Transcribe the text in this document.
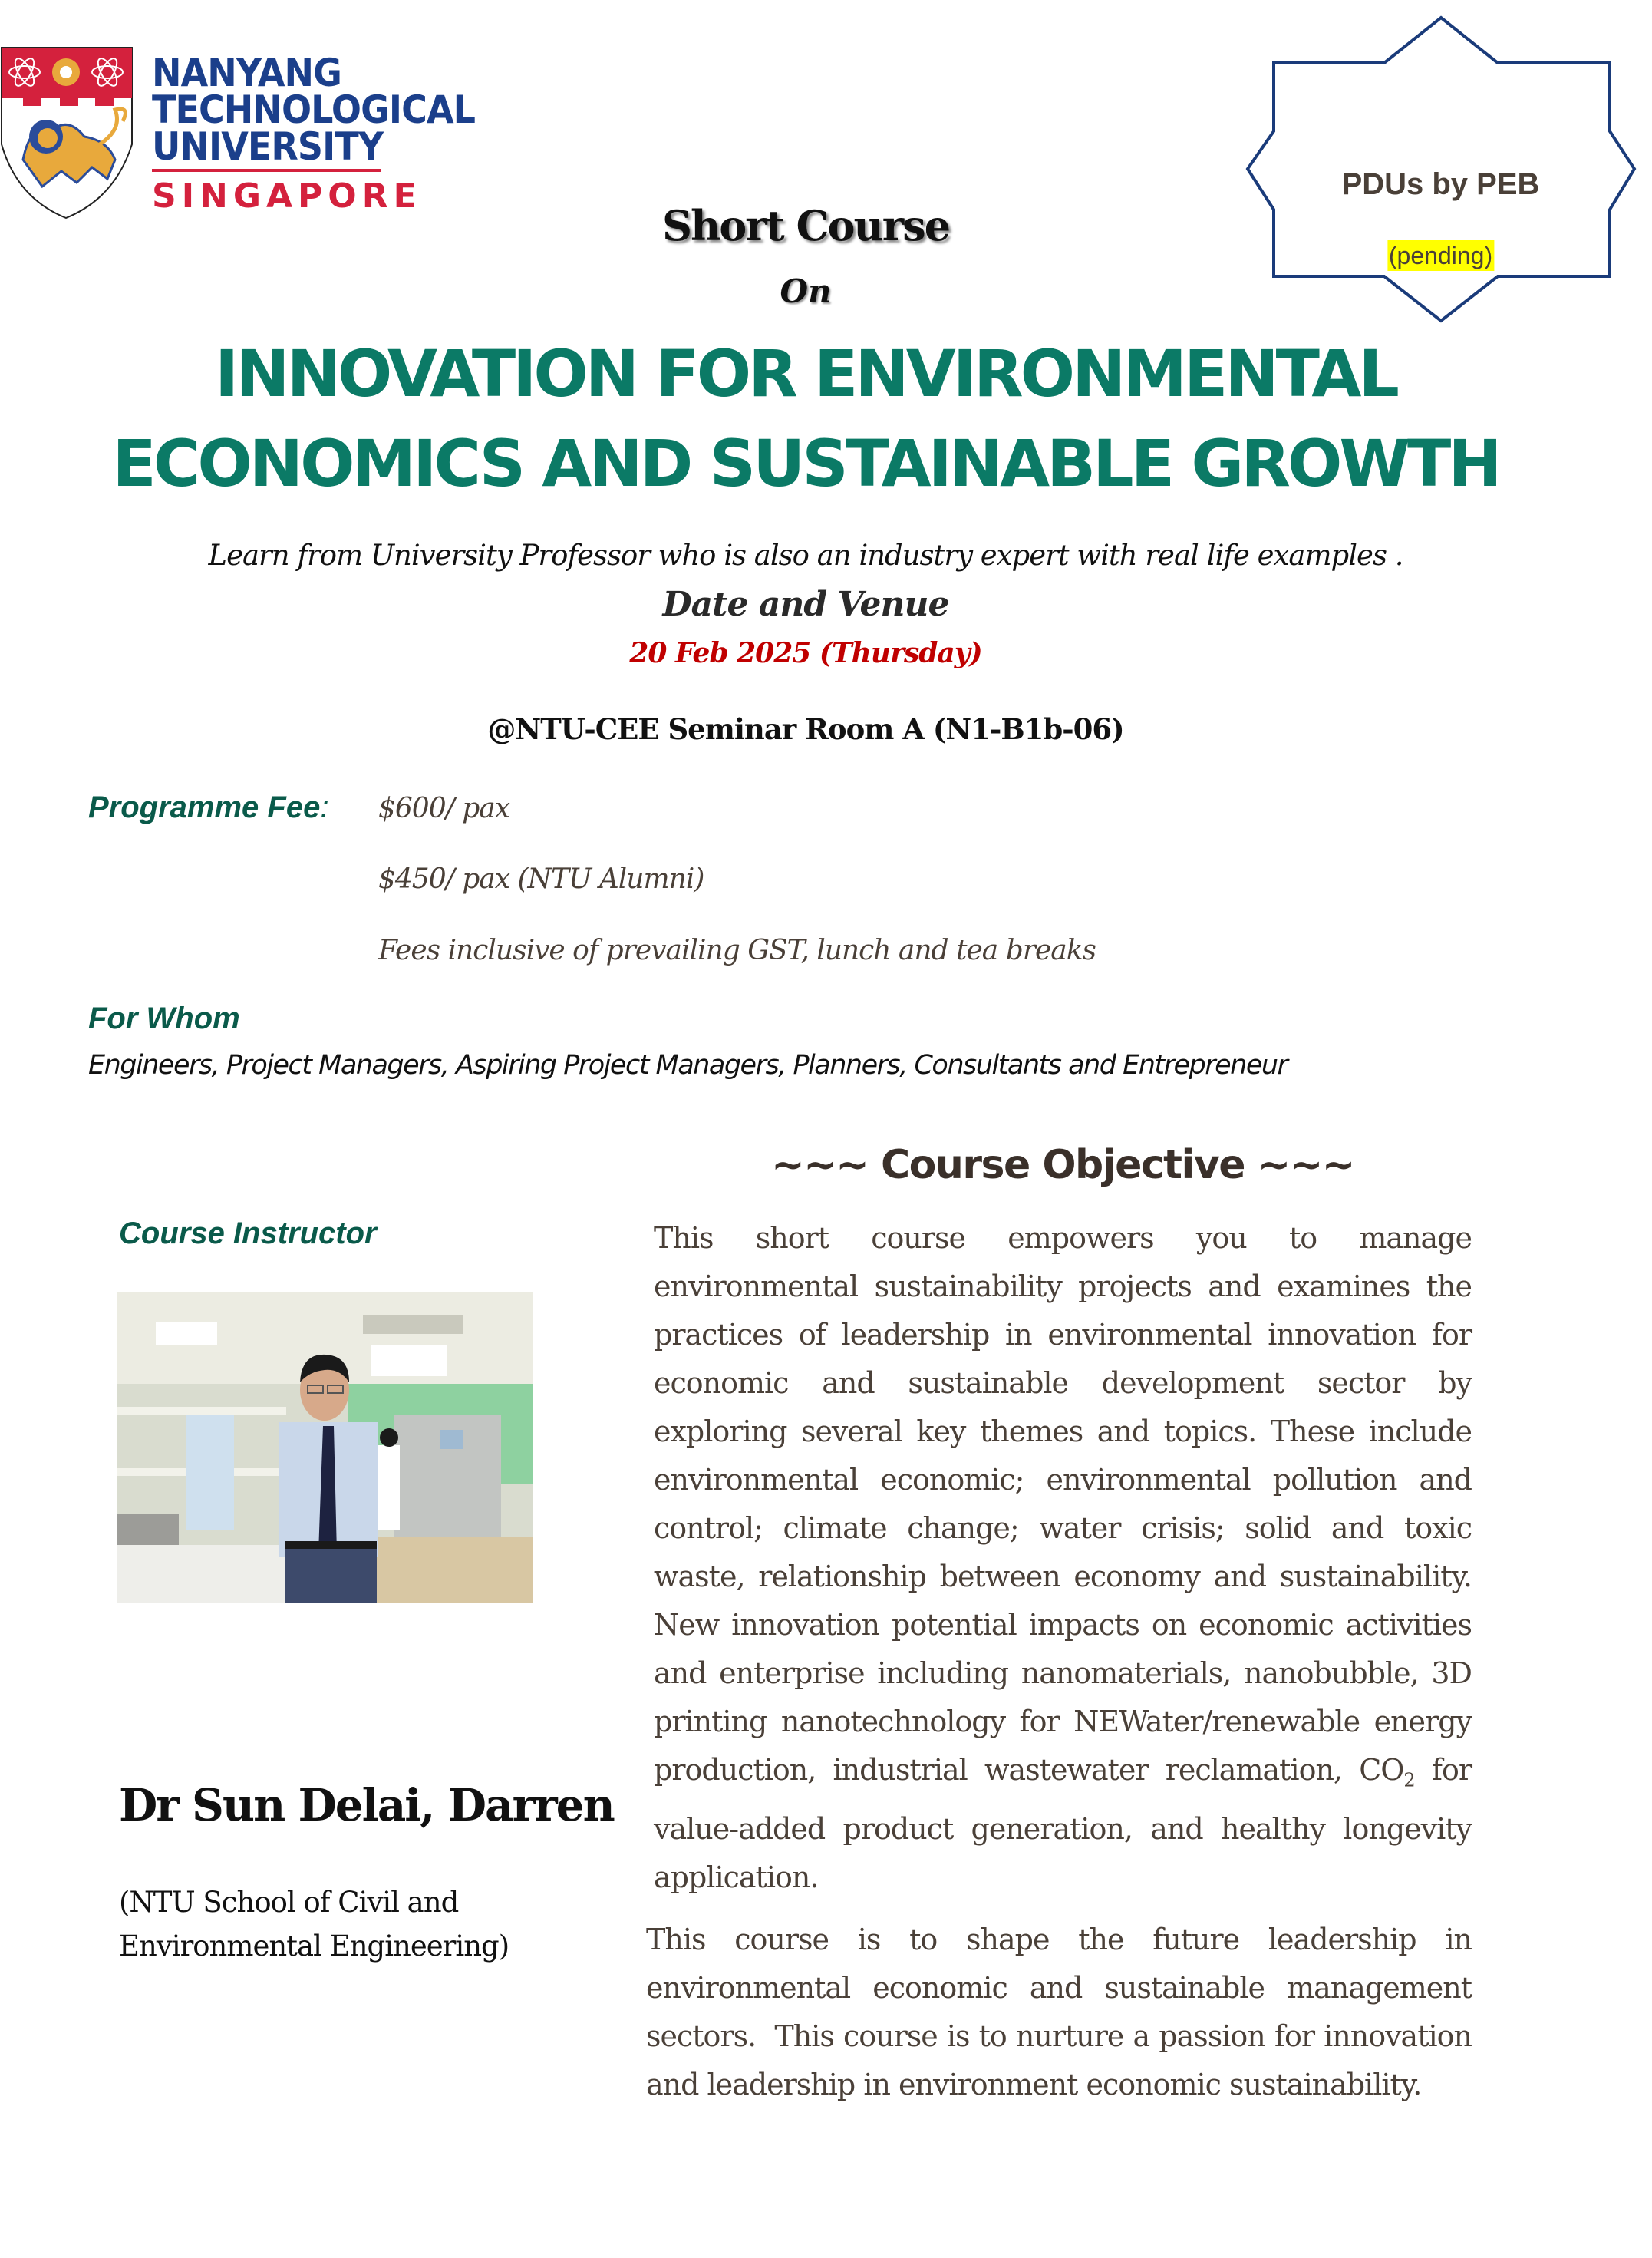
NANYANG
TECHNOLOGICAL
UNIVERSITY
SINGAPORE	PDUs by PEB
(pending)
Short Course
On
INNOVATION FOR ENVIRONMENTAL
ECONOMICS AND SUSTAINABLE GROWTH
Learn from University Professor who is also an industry expert with real life examples .
Date and Venue
20 Feb 2025 (Thursday)
@NTU-CEE Seminar Room A (N1-B1b-06)
Programme Fee: $600/ pax
$450/ pax (NTU Alumni)
Fees inclusive of prevailing GST, lunch and tea breaks
For Whom
Engineers, Project Managers, Aspiring Project Managers, Planners, Consultants and Entrepreneur
~~~ Course Objective ~~~
Course Instructor	This short course empowers you to manage environmental sustainability projects and examines the practices of leadership in environmental innovation for economic and sustainable development sector by exploring several key themes and topics. These include environmental economic; environmental pollution and control; climate change; water crisis; solid and toxic waste, relationship between economy and sustainability. New innovation potential impacts on economic activities and enterprise including nanomaterials, nanobubble, 3D printing nanotechnology for NEWater/renewable energy production, industrial wastewater reclamation, $CO_2$ for value-added product generation, and healthy longevity application.
Dr Sun Delai, Darren
(NTU School of Civil and
Environmental Engineering)	This course is to shape the future leadership in environmental economic and sustainable management sectors.  This course is to nurture a passion for innovation and leadership in environment economic sustainability.
